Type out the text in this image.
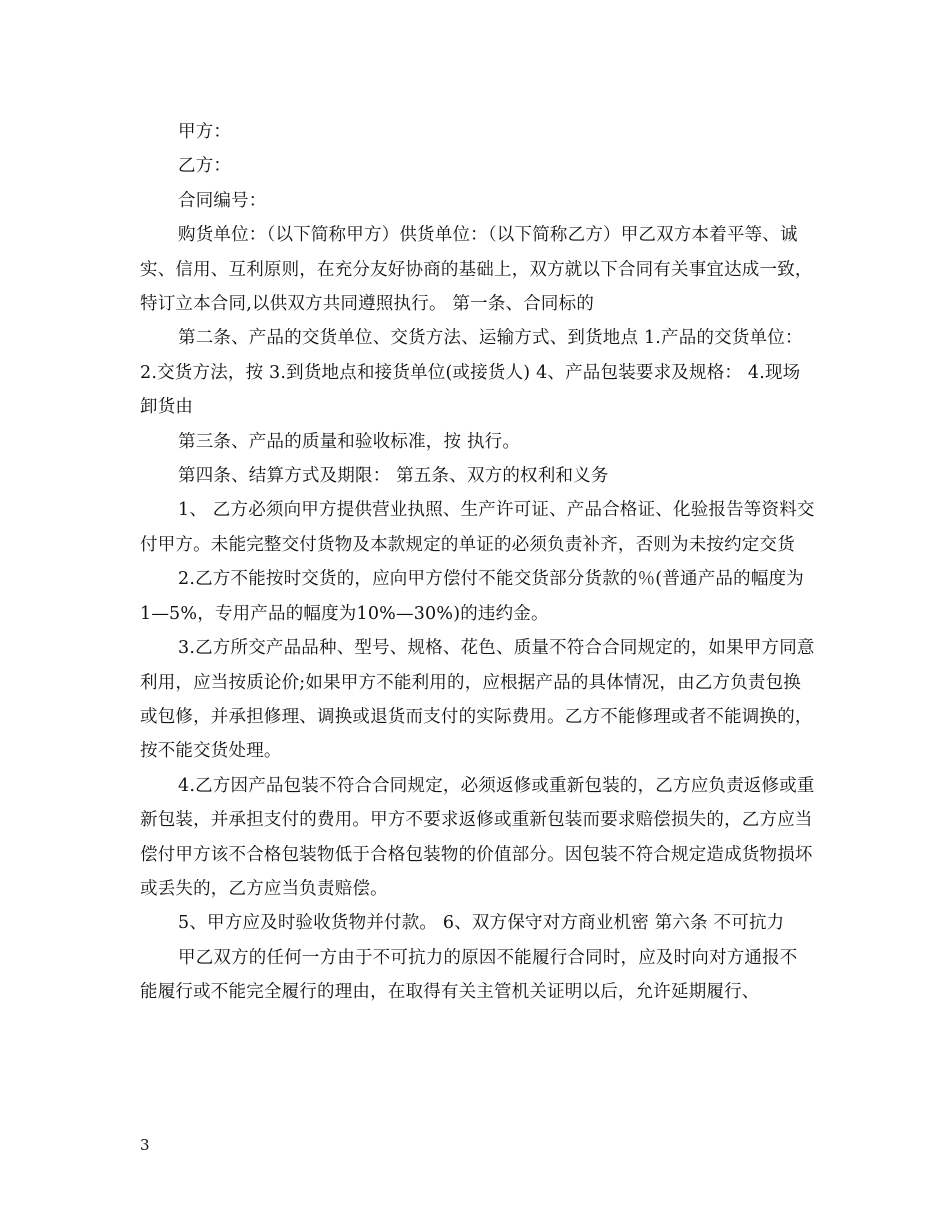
甲方：

乙方：

合同编号：

购货单位：（以下简称甲方）供货单位：（以下简称乙方）甲乙双方本着平等、诚实、信用、互利原则，在充分友好协商的基础上，双方就以下合同有关事宜达成一致，特订立本合同,以供双方共同遵照执行。 第一条、合同标的

第二条、产品的交货单位、交货方法、运输方式、到货地点 1.产品的交货单位： 2.交货方法，按 3.到货地点和接货单位(或接货人) 4、产品包装要求及规格： 4.现场卸货由

第三条、产品的质量和验收标准，按 执行。

第四条、结算方式及期限： 第五条、双方的权利和义务

1、 乙方必须向甲方提供营业执照、生产许可证、产品合格证、化验报告等资料交付甲方。未能完整交付货物及本款规定的单证的必须负责补齐，否则为未按约定交货

2.乙方不能按时交货的，应向甲方偿付不能交货部分货款的％(普通产品的幅度为1—5%，专用产品的幅度为10%—30%)的违约金。

3.乙方所交产品品种、型号、规格、花色、质量不符合合同规定的，如果甲方同意利用，应当按质论价;如果甲方不能利用的，应根据产品的具体情况，由乙方负责包换或包修，并承担修理、调换或退货而支付的实际费用。乙方不能修理或者不能调换的，按不能交货处理。

4.乙方因产品包装不符合合同规定，必须返修或重新包装的，乙方应负责返修或重新包装，并承担支付的费用。甲方不要求返修或重新包装而要求赔偿损失的，乙方应当偿付甲方该不合格包装物低于合格包装物的价值部分。因包装不符合规定造成货物损坏或丢失的，乙方应当负责赔偿。

5、甲方应及时验收货物并付款。 6、双方保守对方商业机密 第六条 不可抗力

甲乙双方的任何一方由于不可抗力的原因不能履行合同时，应及时向对方通报不能履行或不能完全履行的理由，在取得有关主管机关证明以后，允许延期履行、

3
